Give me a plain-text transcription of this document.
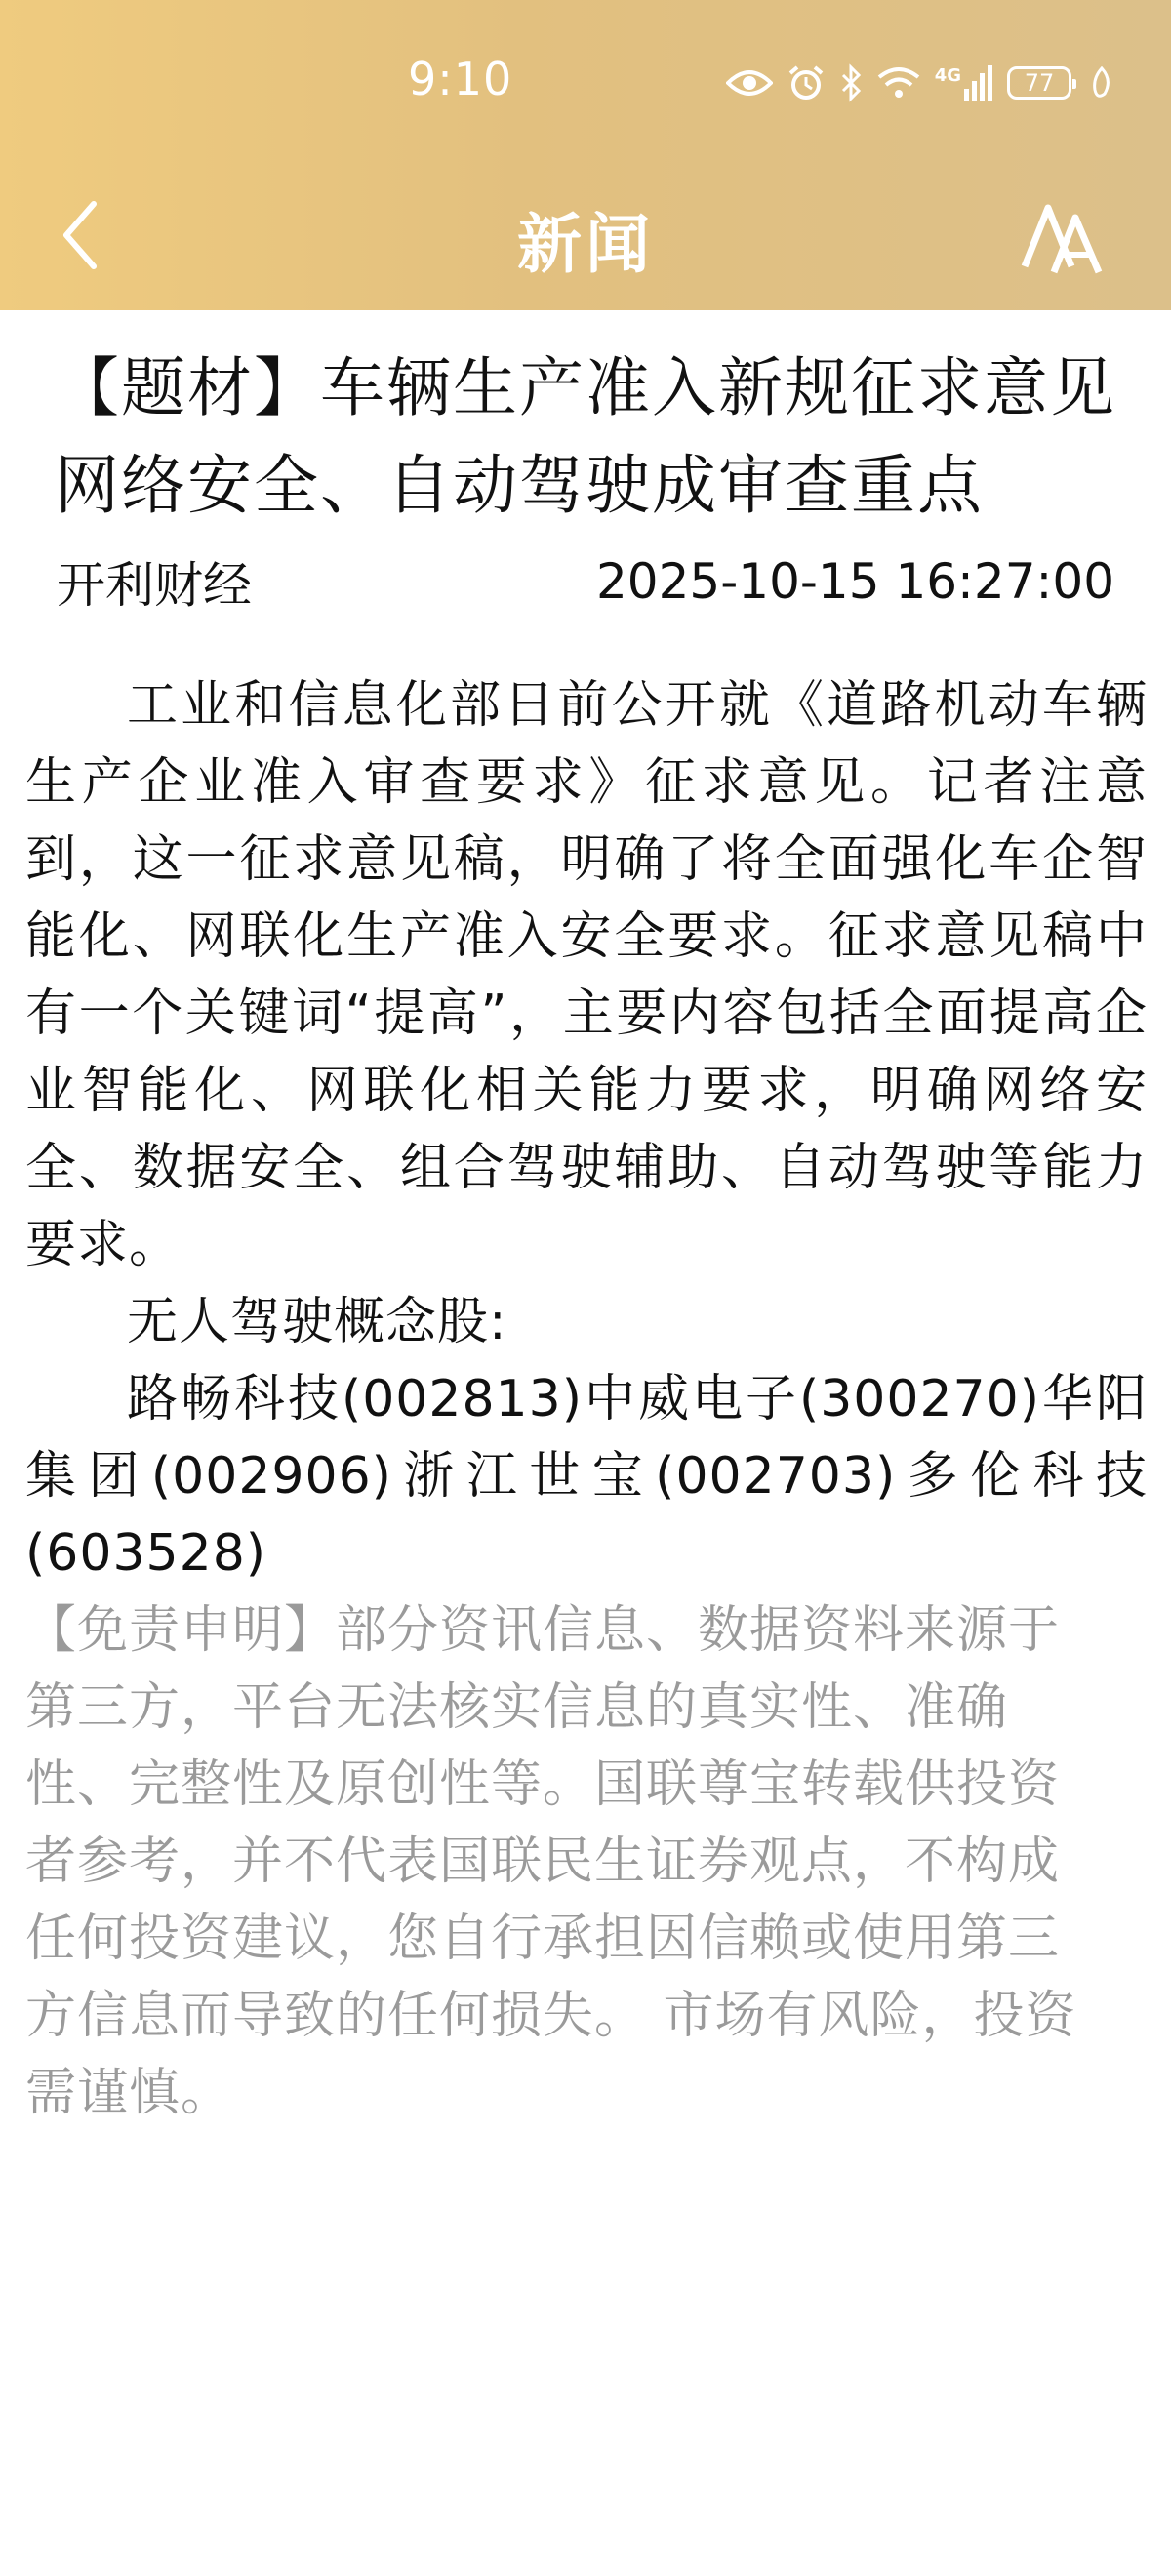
9:10	4G	77
新闻
【题材】车辆生产准入新规征求意见 网络安全、自动驾驶成审查重点
开利财经	2025-10-15 16:27:00

工业和信息化部日前公开就《道路机动车辆生产企业准入审查要求》征求意见。记者注意到，这一征求意见稿，明确了将全面强化车企智能化、网联化生产准入安全要求。征求意见稿中有一个关键词“提高”，主要内容包括全面提高企业智能化、网联化相关能力要求，明确网络安全、数据安全、组合驾驶辅助、自动驾驶等能力要求。

无人驾驶概念股:

路畅科技(002813)中威电子(300270)华阳集团(002906)浙江世宝(002703)多伦科技(603528)

【免责申明】部分资讯信息、数据资料来源于第三方，平台无法核实信息的真实性、准确性、完整性及原创性等。国联尊宝转载供投资者参考，并不代表国联民生证券观点，不构成任何投资建议，您自行承担因信赖或使用第三方信息而导致的任何损失。 市场有风险，投资需谨慎。
